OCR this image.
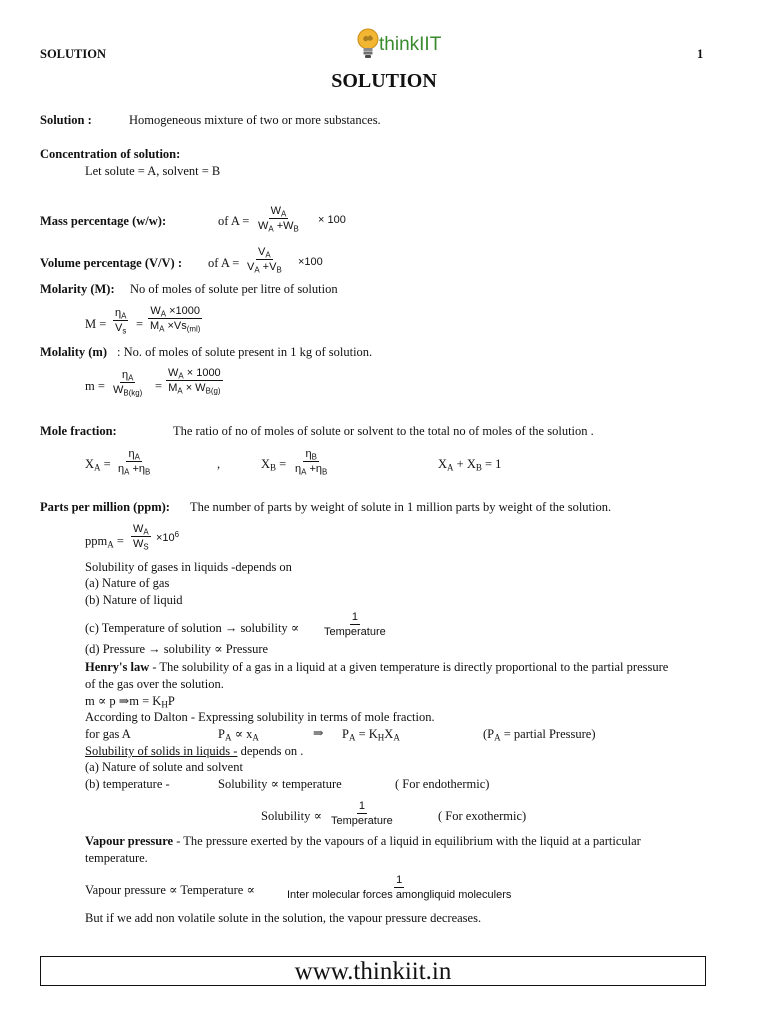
SOLUTION	1
thinkIIT
SOLUTION
Solution :	Homogeneous mixture of two or more substances.
Concentration of solution:
Let solute = A, solvent = B
Mass percentage (w/w):	of $A = \frac{W_A}{W_A +W_B} \times 100$
Volume percentage (V/V) : of $A = \frac{V_A}{V_A +V_B} \times 100$
Molarity (M): No of moles of solute per litre of solution
$M = \frac{\eta_A}{V_s} = \frac{W_A \times 1000}{M_A \times Vs_{(ml)}}$
Molality (m) : No. of moles of solute present in 1 kg of solution.
$m = \frac{\eta_A}{W_{B(kg)}} = \frac{W_A \times 1000}{M_A \times W_{B(g)}}$
Mole fraction:	The ratio of no of moles of solute or solvent to the total no of moles of the solution .
$X_A = \frac{\eta_A}{\eta_A +\eta_B}$	,	$X_B = \frac{\eta_B}{\eta_A +\eta_B}$	$X_A + X_B = 1$
Parts per million (ppm): The number of parts by weight of solute in 1 million parts by weight of the solution.
$ppm_A = \frac{W_A}{W_S} \times 10^6$
Solubility of gases in liquids -depends on
(a) Nature of gas
(b) Nature of liquid
(c) Temperature of solution → solubility ∝
1
Temperature
(d) Pressure → solubility ∝ Pressure
Henry's law - The solubility of a gas in a liquid at a given temperature is directly proportional to the partial pressure
of the gas over the solution.
m ∝ p ⇒m = $K_HP$
According to Dalton - Expressing solubility in terms of mole fraction.
for gas A	$P_A \propto x_A$	⇒ $P_A = K_HX_A$	($P_A$ = partial Pressure)
Solubility of solids in liquids - depends on .
(a) Nature of solute and solvent
(b) temperature -	Solubility ∝ temperature	( For endothermic)
Solubility ∝
1
Temperature	( For exothermic)
Vapour pressure - The pressure exerted by the vapours of a liquid in equilibrium with the liquid at a particular
temperature.
Vapour pressure ∝ Temperature ∝
1
Inter molecular forces amongliquid moleculers
But if we add non volatile solute in the solution, the vapour pressure decreases.
www.thinkiit.in
